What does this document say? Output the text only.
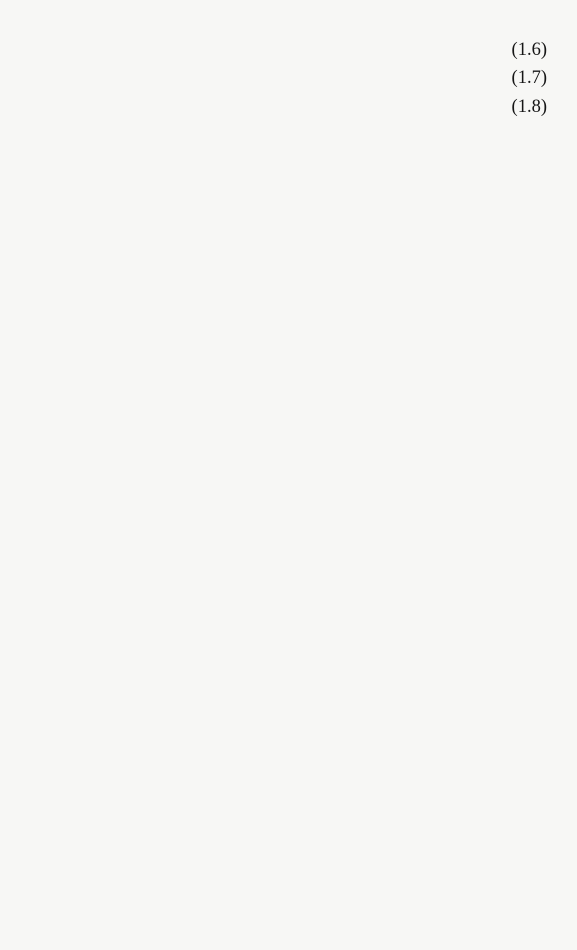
(1.6)

(1.7)

(1.8)
